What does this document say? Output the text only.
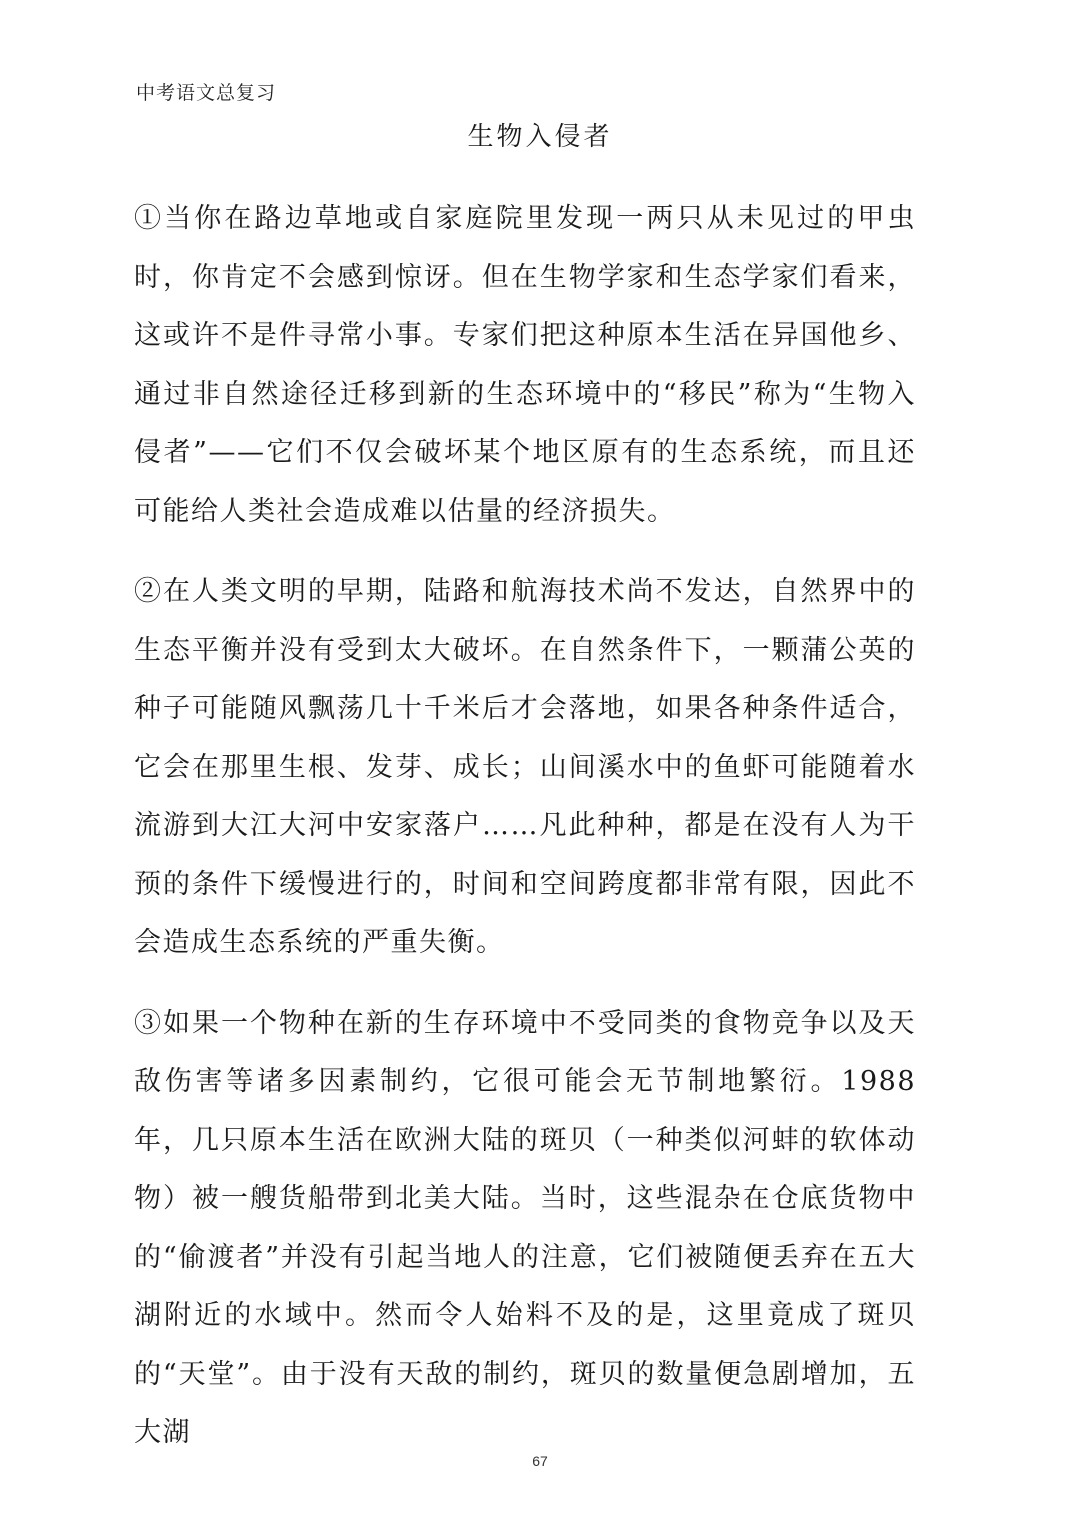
中考语文总复习
生物入侵者

①当你在路边草地或自家庭院里发现一两只从未见过的甲虫时，你肯定不会感到惊讶。但在生物学家和生态学家们看来，这或许不是件寻常小事。专家们把这种原本生活在异国他乡、通过非自然途径迁移到新的生态环境中的“移民”称为“生物入侵者”——它们不仅会破坏某个地区原有的生态系统，而且还可能给人类社会造成难以估量的经济损失。

②在人类文明的早期，陆路和航海技术尚不发达，自然界中的生态平衡并没有受到太大破坏。在自然条件下，一颗蒲公英的种子可能随风飘荡几十千米后才会落地，如果各种条件适合，它会在那里生根、发芽、成长；山间溪水中的鱼虾可能随着水流游到大江大河中安家落户……凡此种种，都是在没有人为干预的条件下缓慢进行的，时间和空间跨度都非常有限，因此不会造成生态系统的严重失衡。

③如果一个物种在新的生存环境中不受同类的食物竞争以及天敌伤害等诸多因素制约，它很可能会无节制地繁衍。1988 年，几只原本生活在欧洲大陆的斑贝（一种类似河蚌的软体动物）被一艘货船带到北美大陆。当时，这些混杂在仓底货物中的“偷渡者”并没有引起当地人的注意，它们被随便丢弃在五大湖附近的水域中。然而令人始料不及的是，这里竟成了斑贝的“天堂”。由于没有天敌的制约，斑贝的数量便急剧增加，五大湖

67
